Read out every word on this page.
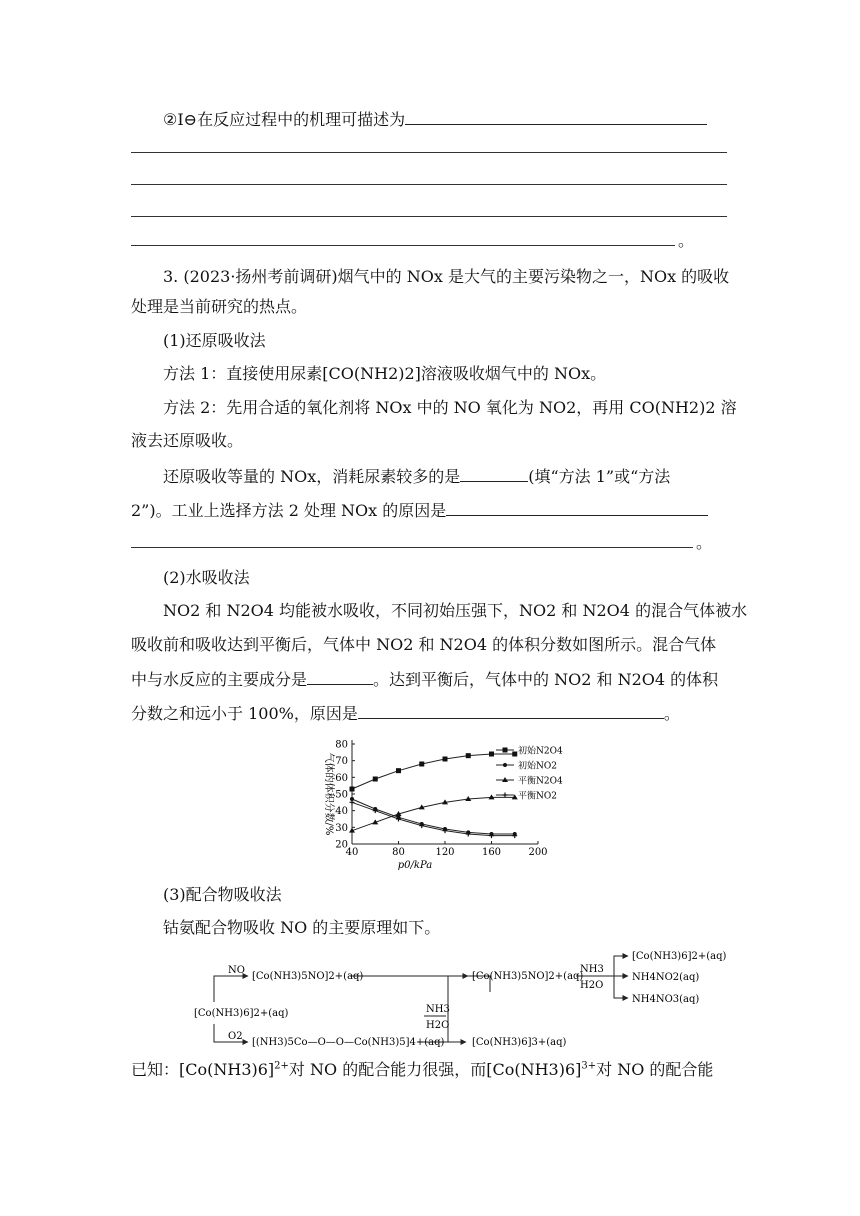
②I⊖在反应过程中的机理可描述为
。
3. (2023·扬州考前调研)烟气中的 NOx 是大气的主要污染物之一，NOx 的吸收
处理是当前研究的热点。
(1)还原吸收法
方法 1：直接使用尿素[CO(NH2)2]溶液吸收烟气中的 NOx。
方法 2：先用合适的氧化剂将 NOx 中的 NO 氧化为 NO2，再用 CO(NH2)2 溶
液去还原吸收。
还原吸收等量的 NOx，消耗尿素较多的是	(填“方法 1”或“方法
2”)。工业上选择方法 2 处理 NOx 的原因是
。
(2)水吸收法
NO2 和 N2O4 均能被水吸收，不同初始压强下，NO2 和 N2O4 的混合气体被水
吸收前和吸收达到平衡后，气体中 NO2 和 N2O4 的体积分数如图所示。混合气体
中与水反应的主要成分是	。达到平衡后，气体中的 NO2 和 N2O4 的体积
分数之和远小于 100%，原因是	。
20
30
40
50
60
70
80
40	80	120	160	200
p0/kPa
气体的体积分数/%
初始N2O4
初始NO2
平衡N2O4
平衡NO2
(3)配合物吸收法
钴氨配合物吸收 NO 的主要原理如下。
[Co(NH3)6]2+(aq)
NO
[Co(NH3)5NO]2+(aq)
O2
[(NH3)5Co—O—O—Co(NH3)5]4+(aq)
NH3
H2O
[Co(NH3)5NO]2+(aq)
[Co(NH3)6]3+(aq)
NH3
H2O
[Co(NH3)6]2+(aq)
NH4NO2(aq)
NH4NO3(aq)
已知：$[Co(NH3)6]^{2+}$对 NO 的配合能力很强，而$[Co(NH3)6]^{3+}$对 NO 的配合能
